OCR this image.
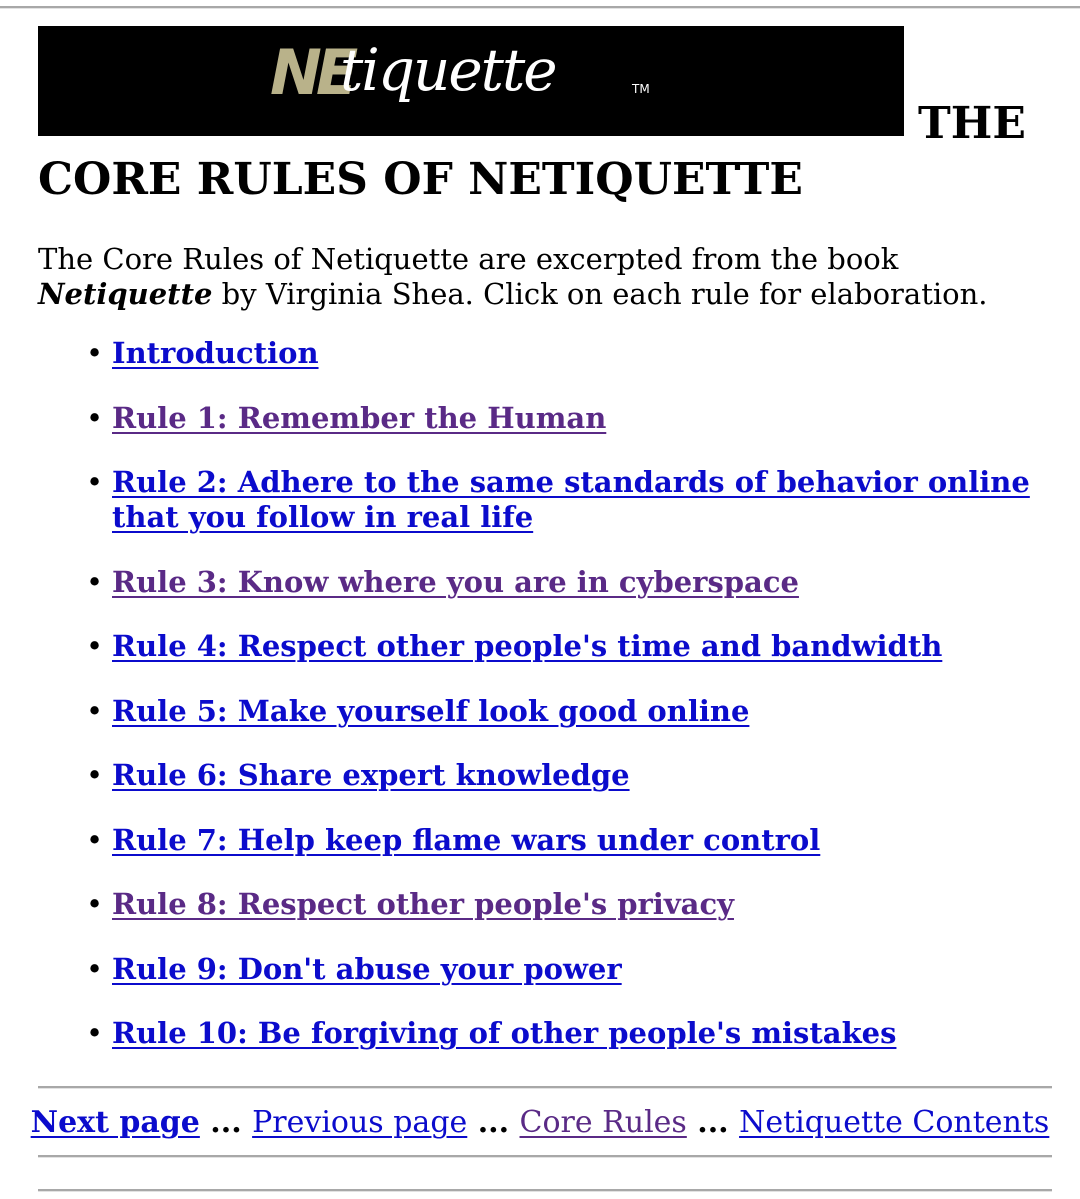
NE
tiquette	TM
THE
CORE RULES OF NETIQUETTE

The Core Rules of Netiquette are excerpted from the book Netiquette by Virginia Shea. Click on each rule for elaboration.

• Introduction
• Rule 1: Remember the Human
• Rule 2: Adhere to the same standards of behavior online that you follow in real life
• Rule 3: Know where you are in cyberspace
• Rule 4: Respect other people's time and bandwidth
• Rule 5: Make yourself look good online
• Rule 6: Share expert knowledge
• Rule 7: Help keep flame wars under control
• Rule 8: Respect other people's privacy
• Rule 9: Don't abuse your power
• Rule 10: Be forgiving of other people's mistakes
Next page ... Previous page ... Core Rules ... Netiquette Contents
